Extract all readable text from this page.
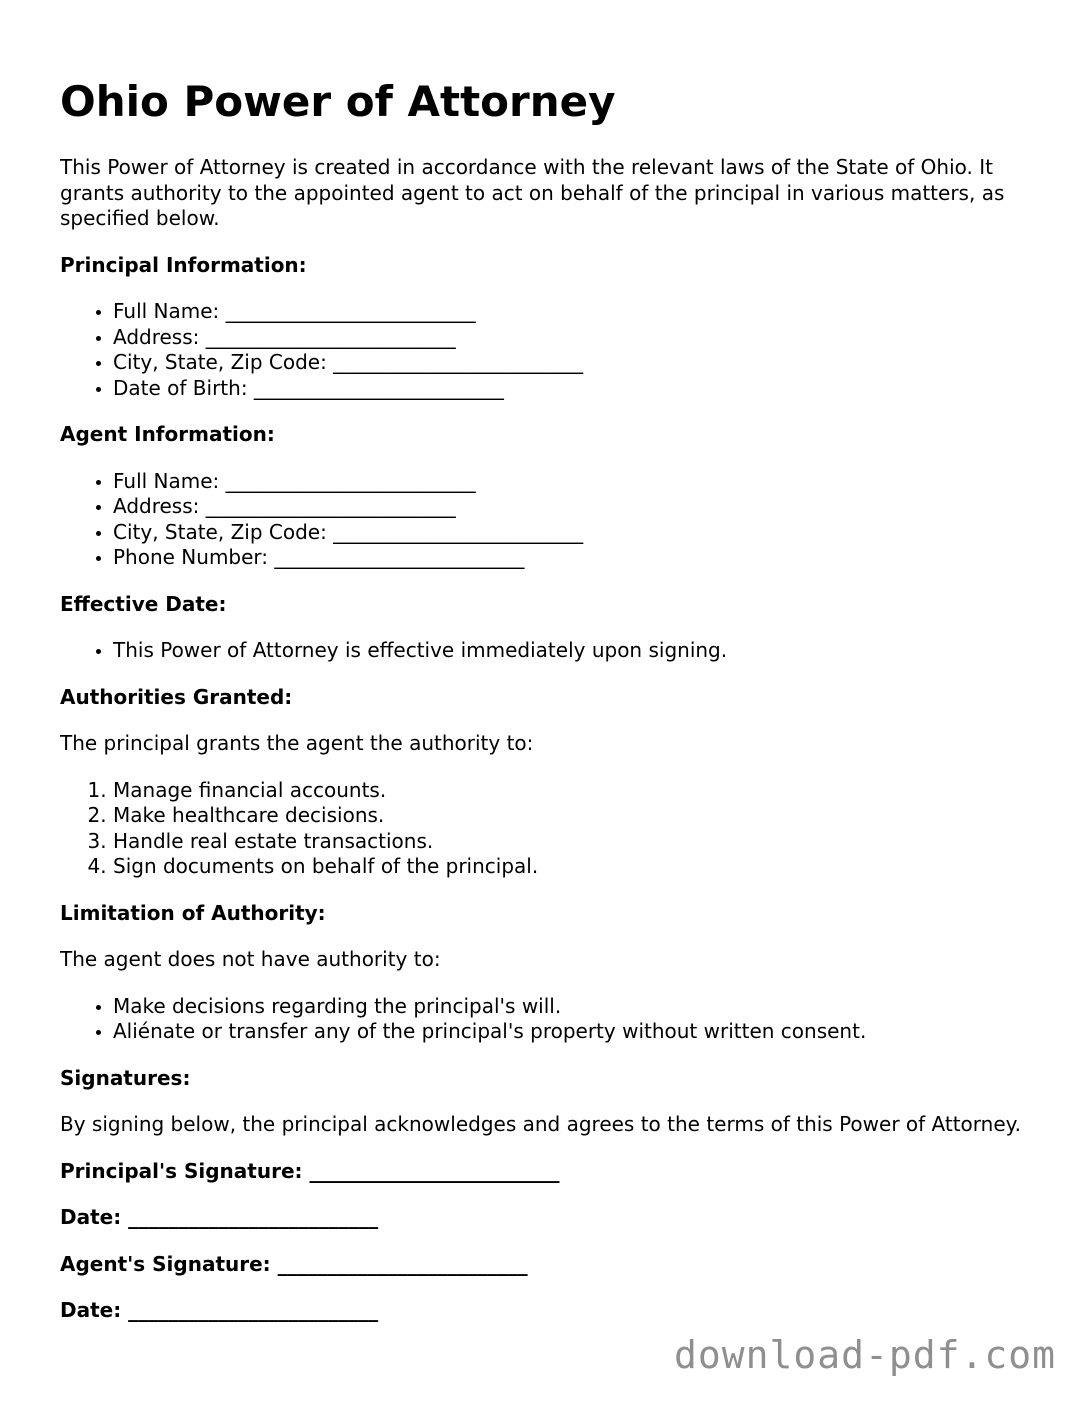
Ohio Power of Attorney

This Power of Attorney is created in accordance with the relevant laws of the State of Ohio. It grants authority to the appointed agent to act on behalf of the principal in various matters, as specified below.

Principal Information:
• Full Name: _________________________
• Address: _________________________
• City, State, Zip Code: _________________________
• Date of Birth: _________________________
Agent Information:
• Full Name: _________________________
• Address: _________________________
• City, State, Zip Code: _________________________
• Phone Number: _________________________
Effective Date:
• This Power of Attorney is effective immediately upon signing.
Authorities Granted:

The principal grants the agent the authority to:

1. Manage financial accounts.
2. Make healthcare decisions.
3. Handle real estate transactions.
4. Sign documents on behalf of the principal.
Limitation of Authority:

The agent does not have authority to:

• Make decisions regarding the principal's will.
• Aliénate or transfer any of the principal's property without written consent.
Signatures:

By signing below, the principal acknowledges and agrees to the terms of this Power of Attorney.

Principal's Signature: _________________________
Date: _________________________
Agent's Signature: _________________________
Date: _________________________
download-pdf.com
